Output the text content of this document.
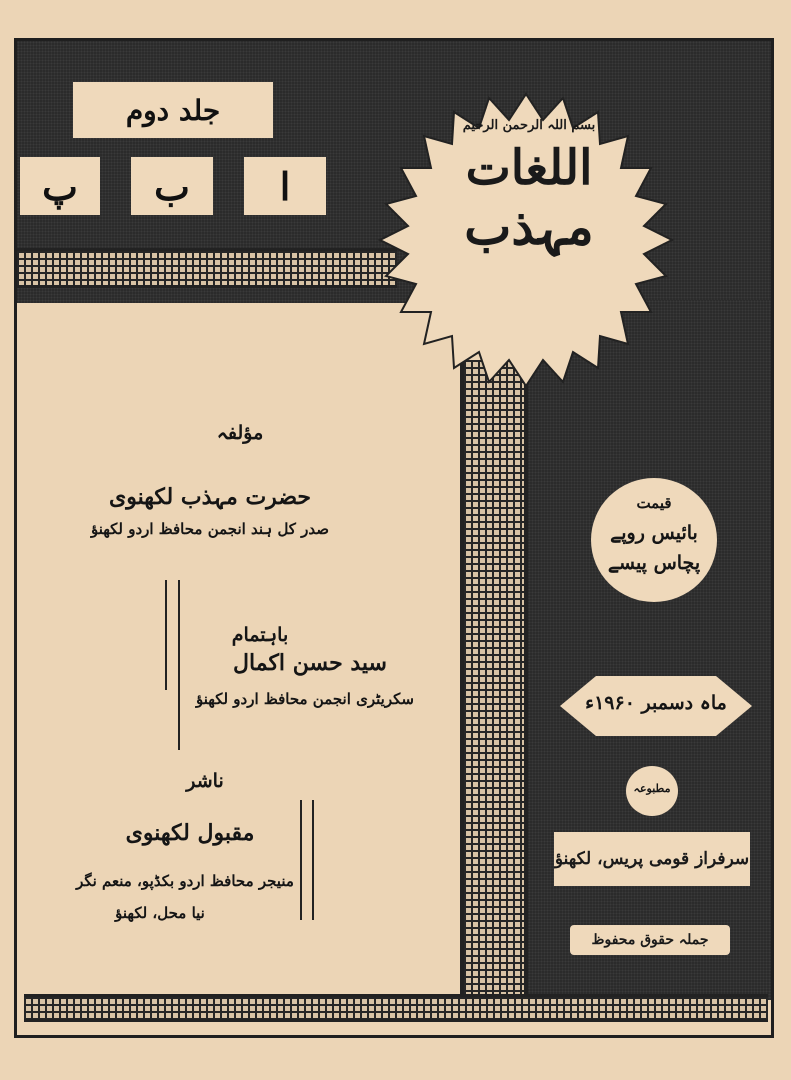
جلد دوم
ا
ب
پ
بسم اللہ الرحمن الرحیم
اللغات
مہذب
مؤلفہ
حضرت مہذب لکھنوی
صدر کل ہند انجمن محافظ اردو لکھنؤ
باہتمام
سید حسن اکمال
سکریٹری انجمن محافظ اردو لکھنؤ
ناشر
مقبول لکھنوی
منیجر محافظ اردو بکڈپو، منعم نگر
نیا محل، لکھنؤ
قیمت
بائیس روپے
پچاس پیسے
ماہ دسمبر ۱۹۶۰ء
مطبوعہ
سرفراز قومی پریس، لکھنؤ
جملہ حقوق محفوظ
